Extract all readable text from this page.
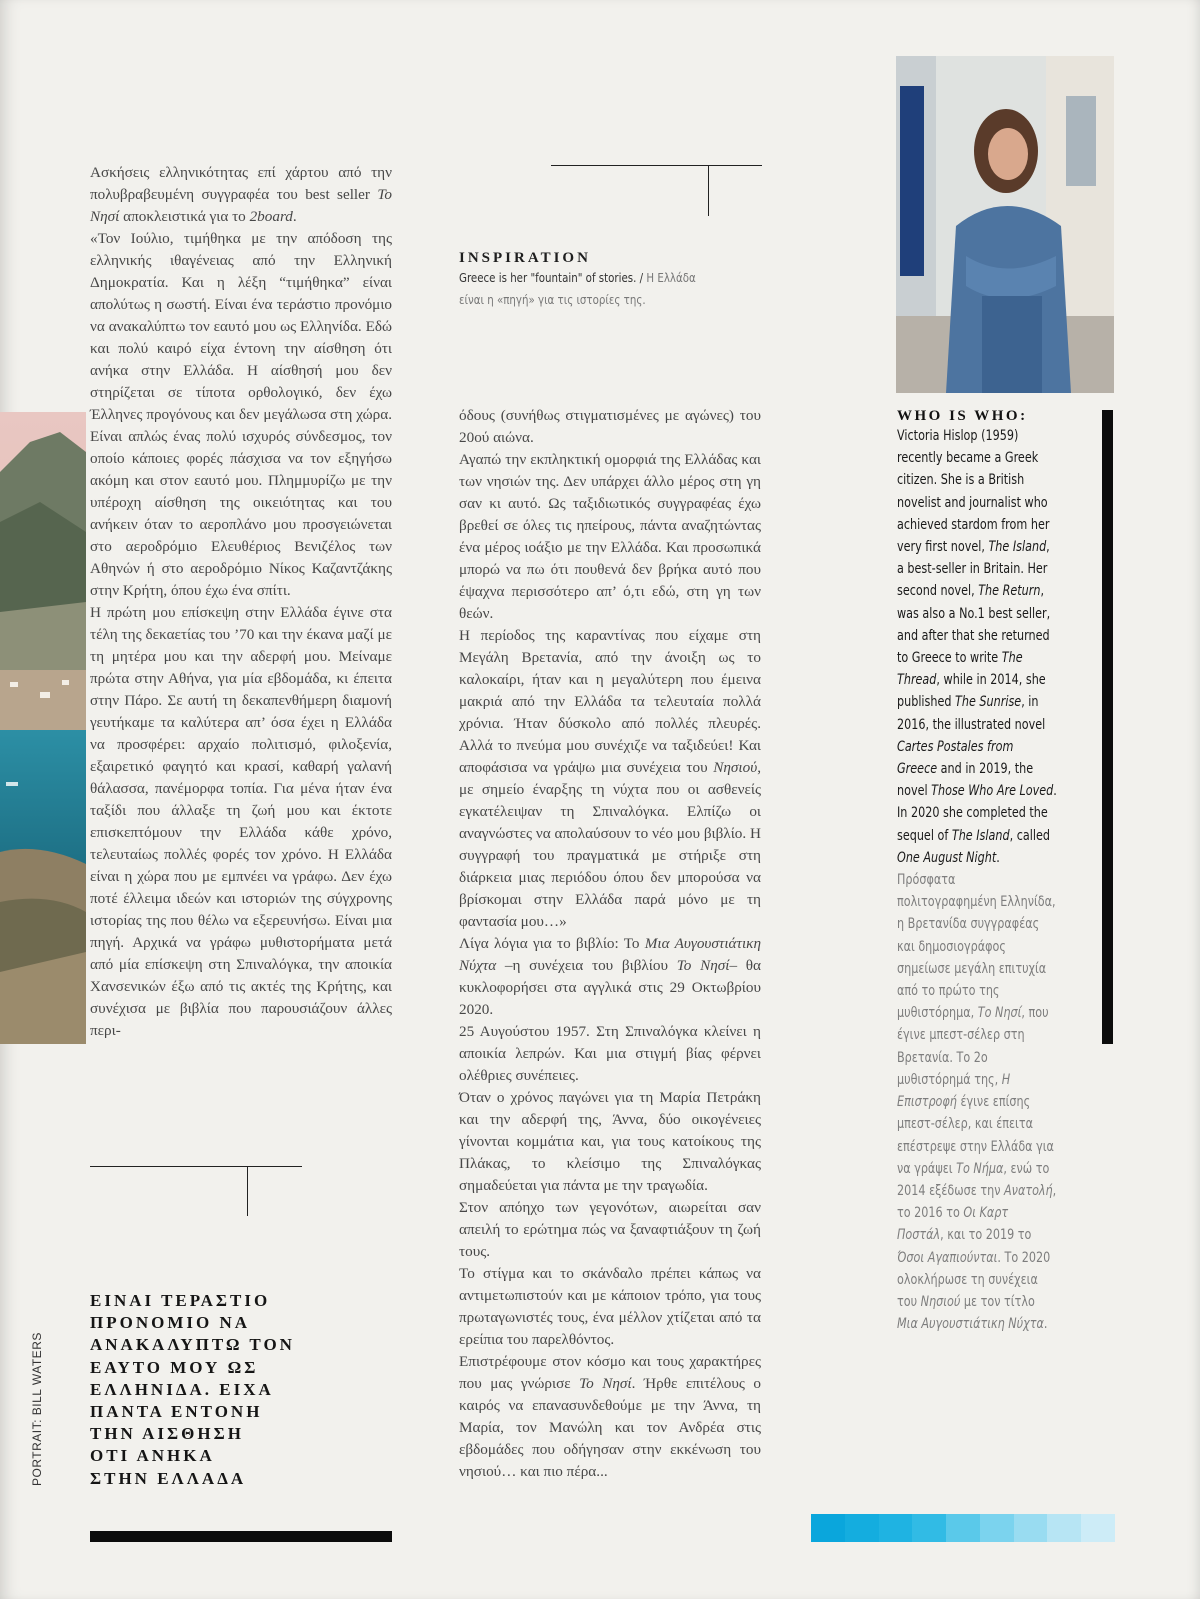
Ασκήσεις ελληνικότητας επί χάρτου από την πολυβραβευμένη συγγραφέα του best seller Το Νησί αποκλειστικά για το 2board.

«Τον Ιούλιο, τιμήθηκα με την απόδοση της ελληνικής ιθαγένειας από την Ελληνική Δημοκρατία. Και η λέξη “τιμήθηκα” είναι απολύτως η σωστή. Είναι ένα τεράστιο προνόμιο να ανακαλύπτω τον εαυτό μου ως Ελληνίδα. Εδώ και πολύ καιρό είχα έντονη την αίσθηση ότι ανήκα στην Ελλάδα. Η αίσθησή μου δεν στηρίζεται σε τίποτα ορθολογικό, δεν έχω Έλληνες προγόνους και δεν μεγάλωσα στη χώρα. Είναι απλώς ένας πολύ ισχυρός σύνδεσμος, τον οποίο κάποιες φορές πάσχισα να τον εξηγήσω ακόμη και στον εαυτό μου. Πλημμυρίζω με την υπέροχη αίσθηση της οικειότητας και του ανήκειν όταν το αεροπλάνο μου προσγειώνεται στο αεροδρόμιο Ελευθέριος Βενιζέλος των Αθηνών ή στο αεροδρόμιο Νίκος Καζαντζάκης στην Κρήτη, όπου έχω ένα σπίτι.

Η πρώτη μου επίσκεψη στην Ελλάδα έγινε στα τέλη της δεκαετίας του ’70 και την έκανα μαζί με τη μητέρα μου και την αδερφή μου. Μείναμε πρώτα στην Αθήνα, για μία εβδομάδα, κι έπειτα στην Πάρο. Σε αυτή τη δεκαπενθήμερη διαμονή γευτήκαμε τα καλύτερα απ’ όσα έχει η Ελλάδα να προσφέρει: αρχαίο πολιτισμό, φιλοξενία, εξαιρετικό φαγητό και κρασί, καθαρή γαλανή θάλασσα, πανέμορφα τοπία. Για μένα ήταν ένα ταξίδι που άλλαξε τη ζωή μου και έκτοτε επισκεπτόμουν την Ελλάδα κάθε χρόνο, τελευταίως πολλές φορές τον χρόνο. Η Ελλάδα είναι η χώρα που με εμπνέει να γράφω. Δεν έχω ποτέ έλλειμα ιδεών και ιστοριών της σύγχρονης ιστορίας της που θέλω να εξερευνήσω. Είναι μια πηγή. Αρχικά να γράφω μυθιστορήματα μετά από μία επίσκεψη στη Σπιναλόγκα, την αποικία Χανσενικών έξω από τις ακτές της Κρήτης, και συνέχισα με βιβλία που παρουσιάζουν άλλες περι-

INSPIRATION
Greece is her "fountain" of stories. / Η Ελλάδα είναι η «πηγή» για τις ιστορίες της.

όδους (συνήθως στιγματισμένες με αγώνες) του 20ού αιώνα.

Αγαπώ την εκπληκτική ομορφιά της Ελλάδας και των νησιών της. Δεν υπάρχει άλλο μέρος στη γη σαν κι αυτό. Ως ταξιδιωτικός συγγραφέας έχω βρεθεί σε όλες τις ηπείρους, πάντα αναζητώντας ένα μέρος ιοάξιο με την Ελλάδα. Και προσωπικά μπορώ να πω ότι πουθενά δεν βρήκα αυτό που έψαχνα περισσότερο απ’ ό,τι εδώ, στη γη των θεών.

Η περίοδος της καραντίνας που είχαμε στη Μεγάλη Βρετανία, από την άνοιξη ως το καλοκαίρι, ήταν και η μεγαλύτερη που έμεινα μακριά από την Ελλάδα τα τελευταία πολλά χρόνια. Ήταν δύσκολο από πολλές πλευρές. Αλλά το πνεύμα μου συνέχιζε να ταξιδεύει! Και αποφάσισα να γράψω μια συνέχεια του Νησιού, με σημείο έναρξης τη νύχτα που οι ασθενείς εγκατέλειψαν τη Σπιναλόγκα. Ελπίζω οι αναγνώστες να απολαύσουν το νέο μου βιβλίο. Η συγγραφή του πραγματικά με στήριξε στη διάρκεια μιας περιόδου όπου δεν μπορούσα να βρίσκομαι στην Ελλάδα παρά μόνο με τη φαντασία μου…»

Λίγα λόγια για το βιβλίο: Το Μια Αυγουστιάτικη Νύχτα –η συνέχεια του βιβλίου Το Νησί– θα κυκλοφορήσει στα αγγλικά στις 29 Οκτωβρίου 2020.

25 Αυγούστου 1957. Στη Σπιναλόγκα κλείνει η αποικία λεπρών. Και μια στιγμή βίας φέρνει ολέθριες συνέπειες.

Όταν ο χρόνος παγώνει για τη Μαρία Πετράκη και την αδερφή της, Άννα, δύο οικογένειες γίνονται κομμάτια και, για τους κατοίκους της Πλάκας, το κλείσιμο της Σπιναλόγκας σημαδεύεται για πάντα με την τραγωδία.

Στον απόηχο των γεγονότων, αιωρείται σαν απειλή το ερώτημα πώς να ξαναφτιάξουν τη ζωή τους.

Το στίγμα και το σκάνδαλο πρέπει κάπως να αντιμετωπιστούν και με κάποιον τρόπο, για τους πρωταγωνιστές τους, ένα μέλλον χτίζεται από τα ερείπια του παρελθόντος.

Επιστρέφουμε στον κόσμο και τους χαρακτήρες που μας γνώρισε Το Νησί. Ήρθε επιτέλους ο καιρός να επανασυνδεθούμε με την Άννα, τη Μαρία, τον Μανώλη και τον Ανδρέα στις εβδομάδες που οδήγησαν στην εκκένωση του νησιού… και πιο πέρα...

WHO IS WHO:
Victoria Hislop (1959) recently became a Greek citizen. She is a British novelist and journalist who achieved stardom from her very first novel, The Island, a best-seller in Britain. Her second novel, The Return, was also a No.1 best seller, and after that she returned to Greece to write The Thread, while in 2014, she published The Sunrise, in 2016, the illustrated novel Cartes Postales from Greece and in 2019, the novel Those Who Are Loved. In 2020 she completed the sequel of The Island, called One August Night. Πρόσφατα πολιτογραφημένη Ελληνίδα, η Βρετανίδα συγγραφέας και δημοσιογράφος σημείωσε μεγάλη επιτυχία από το πρώτο της μυθιστόρημα, Το Νησί, που έγινε μπεστ-σέλερ στη Βρετανία. Το 2ο μυθιστόρημά της, Η Επιστροφή έγινε επίσης μπεστ-σέλερ, και έπειτα επέστρεψε στην Ελλάδα για να γράψει Το Νήμα, ενώ το 2014 εξέδωσε την Ανατολή, το 2016 το Οι Καρτ Ποστάλ, και το 2019 το Όσοι Αγαπιούνται. Το 2020 ολοκλήρωσε τη συνέχεια του Νησιού με τον τίτλο Μια Αυγουστιάτικη Νύχτα.
ΕΙΝΑΙ ΤΕΡΑΣΤΙΟ
ΠΡΟΝΟΜΙΟ ΝΑ
ΑΝΑΚΑΛΥΠΤΩ ΤΟΝ
ΕΑΥΤΟ ΜΟΥ ΩΣ
ΕΛΛΗΝΙΔΑ. ΕΙΧΑ
ΠΑΝΤΑ ΕΝΤΟΝΗ
ΤΗΝ ΑΙΣΘΗΣΗ
ΟΤΙ ΑΝΗΚΑ
ΣΤΗΝ ΕΛΛΑΔΑ
PORTRAIT: BILL WATERS
